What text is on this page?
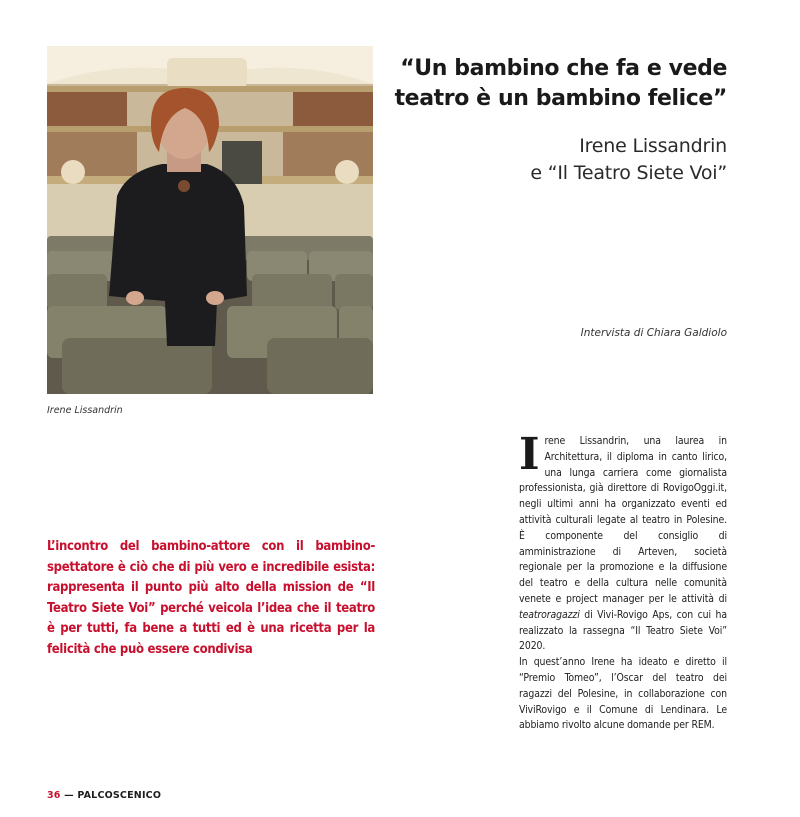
Irene Lissandrin
“Un bambino che fa e vede
teatro è un bambino felice”
Irene Lissandrin
e “Il Teatro Siete Voi”
Intervista di Chiara Galdiolo
L’incontro del bambino-attore con il bambino-spettatore è ciò che di più vero e incredibile esista: rappresenta il punto più alto della mission de “Il Teatro Siete Voi” perché veicola l’idea che il teatro è per tutti, fa bene a tutti ed è una ricetta per la felicità che può essere condivisa
Irene Lissandrin, una laurea in Architettura, il diploma in canto lirico, una lunga carriera come giornalista professionista, già direttore di RovigoOggi.it, negli ultimi anni ha organizzato eventi ed attività culturali legate al teatro in Polesine. È componente del consiglio di amministrazione di Arteven, società regionale per la promozione e la diffusione del teatro e della cultura nelle comunità venete e project manager per le attività di teatroragazzi di Vivi-Rovigo Aps, con cui ha realizzato la rassegna “Il Teatro Siete Voi” 2020.
In quest’anno Irene ha ideato e diretto il “Premio Tomeo”, l’Oscar del teatro dei ragazzi del Polesine, in collaborazione con ViviRovigo e il Comune di Lendinara. Le abbiamo rivolto alcune domande per REM.
36 — PALCOSCENICO
